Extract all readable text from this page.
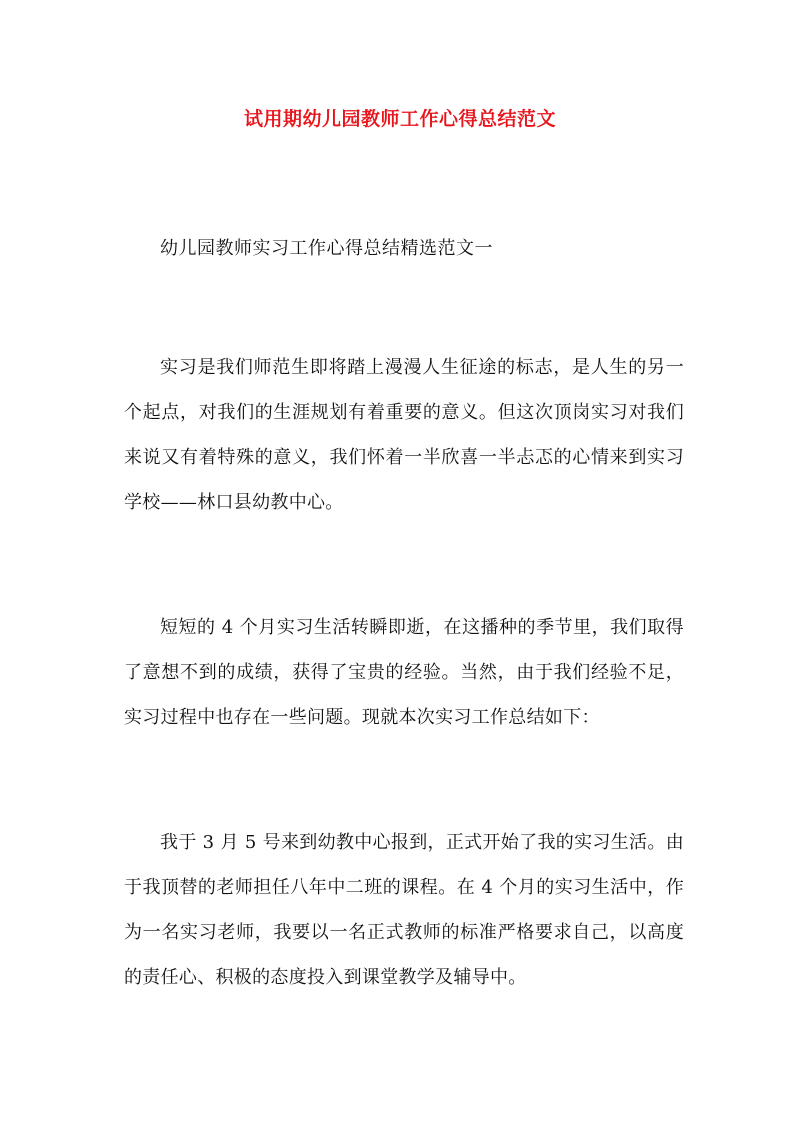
试用期幼儿园教师工作心得总结范文
幼儿园教师实习工作心得总结精选范文一

实习是我们师范生即将踏上漫漫人生征途的标志，是人生的另一个起点，对我们的生涯规划有着重要的意义。但这次顶岗实习对我们来说又有着特殊的意义，我们怀着一半欣喜一半忐忑的心情来到实习学校——林口县幼教中心。

短短的 4 个月实习生活转瞬即逝，在这播种的季节里，我们取得了意想不到的成绩，获得了宝贵的经验。当然，由于我们经验不足，实习过程中也存在一些问题。现就本次实习工作总结如下：

我于 3 月 5 号来到幼教中心报到，正式开始了我的实习生活。由于我顶替的老师担任八年中二班的课程。在 4 个月的实习生活中，作为一名实习老师，我要以一名正式教师的标准严格要求自己，以高度的责任心、积极的态度投入到课堂教学及辅导中。
